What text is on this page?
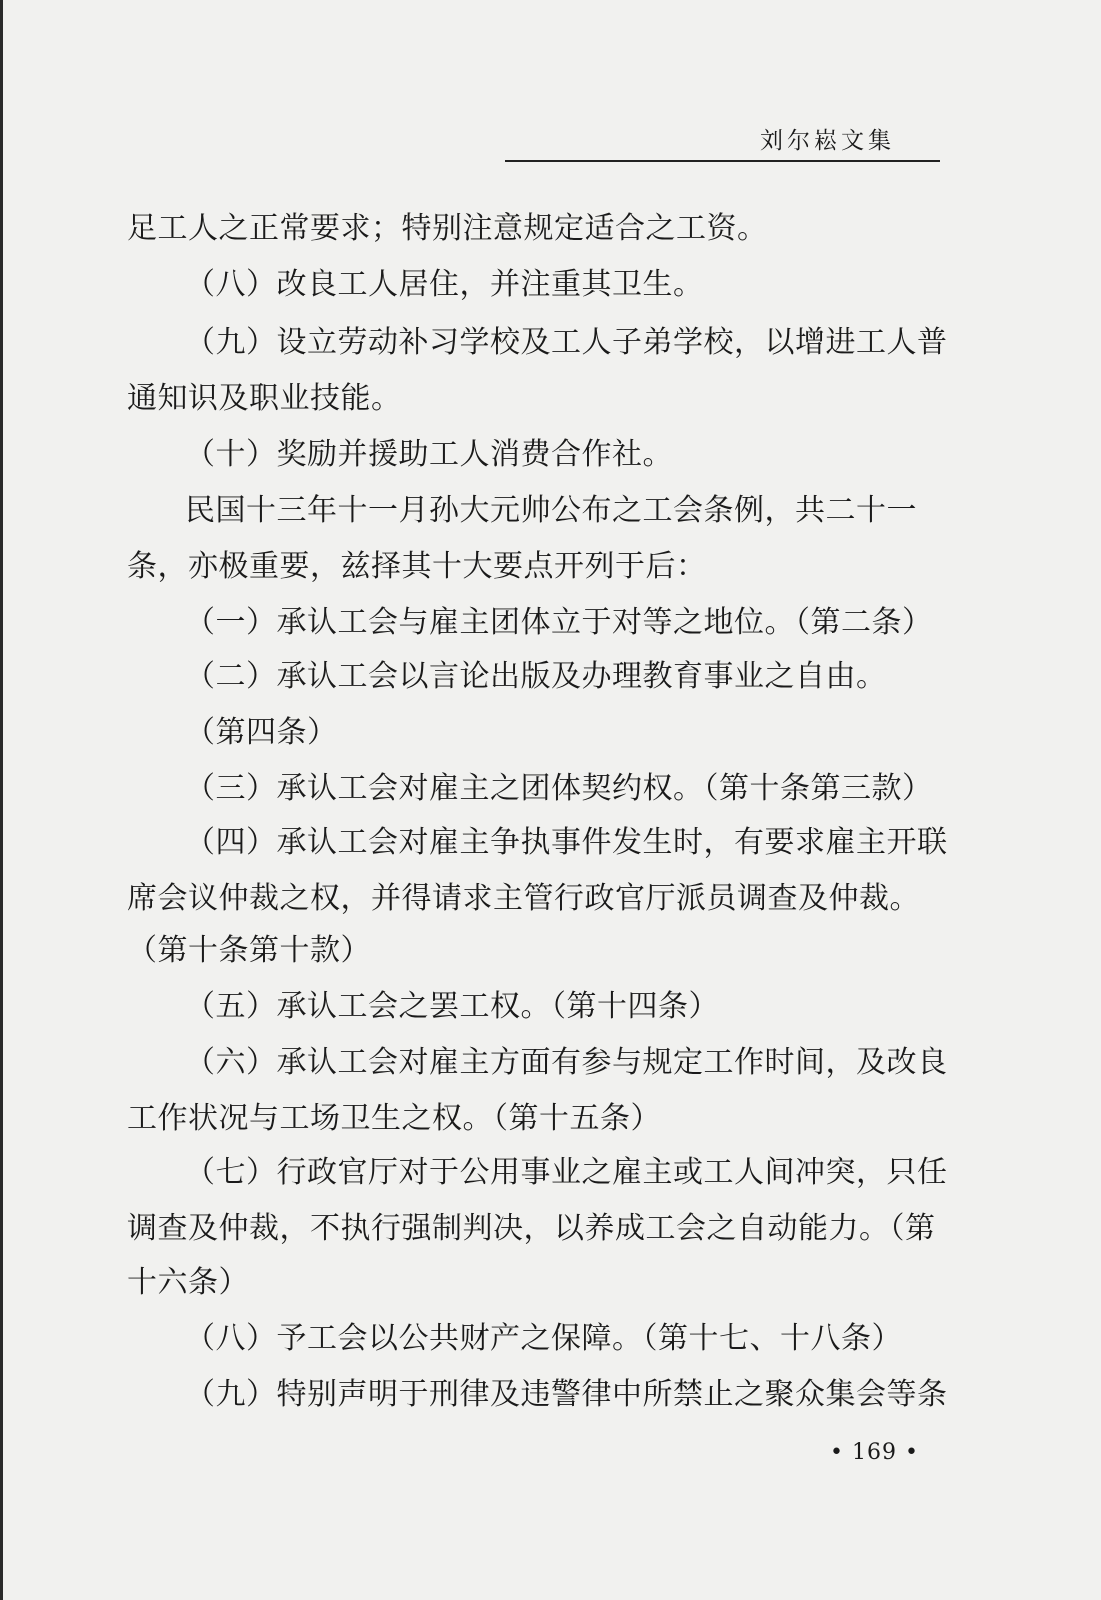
刘尔崧文集
足工人之正常要求；特别注意规定适合之工资。
（八）改良工人居住，并注重其卫生。
（九）设立劳动补习学校及工人子弟学校，以增进工人普
通知识及职业技能。
（十）奖励并援助工人消费合作社。
民国十三年十一月孙大元帅公布之工会条例，共二十一
条，亦极重要，兹择其十大要点开列于后：
（一）承认工会与雇主团体立于对等之地位。（第二条）
（二）承认工会以言论出版及办理教育事业之自由。
（第四条）
（三）承认工会对雇主之团体契约权。（第十条第三款）
（四）承认工会对雇主争执事件发生时，有要求雇主开联
席会议仲裁之权，并得请求主管行政官厅派员调查及仲裁。
（第十条第十款）
（五）承认工会之罢工权。（第十四条）
（六）承认工会对雇主方面有参与规定工作时间，及改良
工作状况与工场卫生之权。（第十五条）
（七）行政官厅对于公用事业之雇主或工人间冲突，只任
调查及仲裁，不执行强制判决，以养成工会之自动能力。（第
十六条）
（八）予工会以公共财产之保障。（第十七、十八条）
（九）特别声明于刑律及违警律中所禁止之聚众集会等条
• 169 •
